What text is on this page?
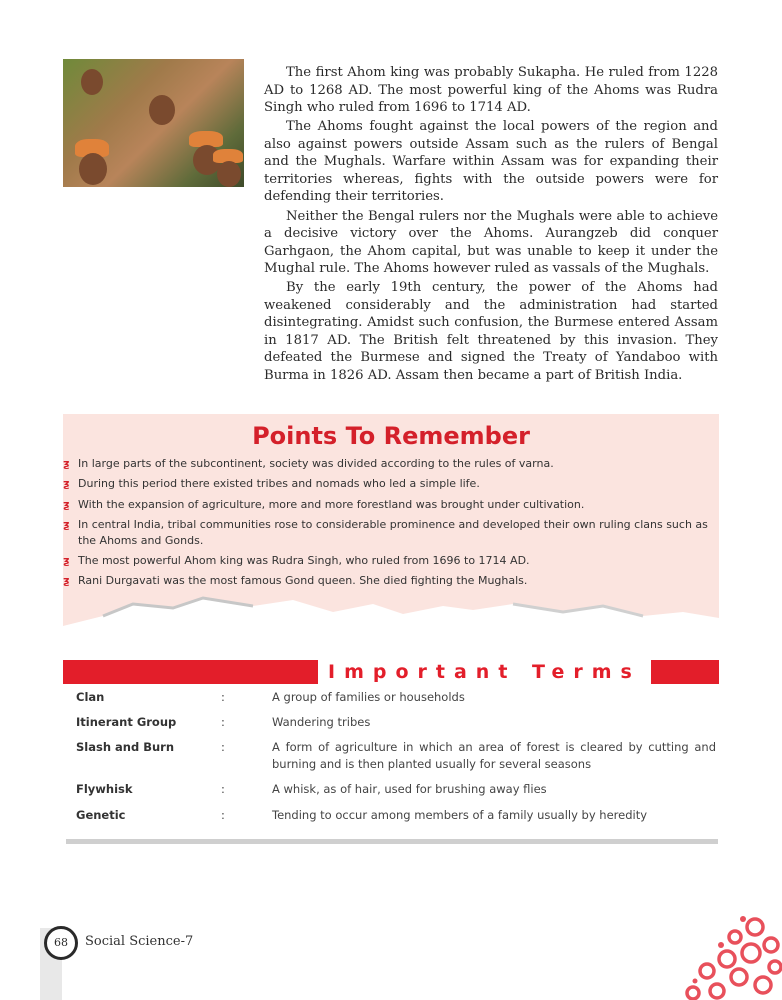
The first Ahom king was probably Sukapha. He ruled from 1228 AD to 1268 AD. The most powerful king of the Ahoms was Rudra Singh who ruled from 1696 to 1714 AD.

The Ahoms fought against the local powers of the region and also against powers outside Assam such as the rulers of Bengal and the Mughals. Warfare within Assam was for expanding their territories whereas, fights with the outside powers were for defending their territories.

Neither the Bengal rulers nor the Mughals were able to achieve a decisive victory over the Ahoms. Aurangzeb did conquer Garhgaon, the Ahom capital, but was unable to keep it under the Mughal rule. The Ahoms however ruled as vassals of the Mughals.

By the early 19th century, the power of the Ahoms had weakened considerably and the administration had started disintegrating. Amidst such confusion, the Burmese entered Assam in 1817 AD. The British felt threatened by this invasion. They defeated the Burmese and signed the Treaty of Yandaboo with Burma in 1826 AD. Assam then became a part of British India.

Points To Remember
ƺ In large parts of the subcontinent, society was divided according to the rules of varna.
ƺ During this period there existed tribes and nomads who led a simple life.
ƺ With the expansion of agriculture, more and more forestland was brought under cultivation.
ƺ In central India, tribal communities rose to considerable prominence and developed their own ruling clans such as the Ahoms and Gonds.
ƺ The most powerful Ahom king was Rudra Singh, who ruled from 1696 to 1714 AD.
ƺ Rani Durgavati was the most famous Gond queen. She died fighting the Mughals.
Important Terms
Clan	:	A group of families or households
Itinerant Group	:	Wandering tribes
Slash and Burn	:	A form of agriculture in which an area of forest is cleared by cutting and burning and is then planted usually for several seasons
Flywhisk	:	A whisk, as of hair, used for brushing away flies
Genetic	:	Tending to occur among members of a family usually by heredity
68	Social Science-7
